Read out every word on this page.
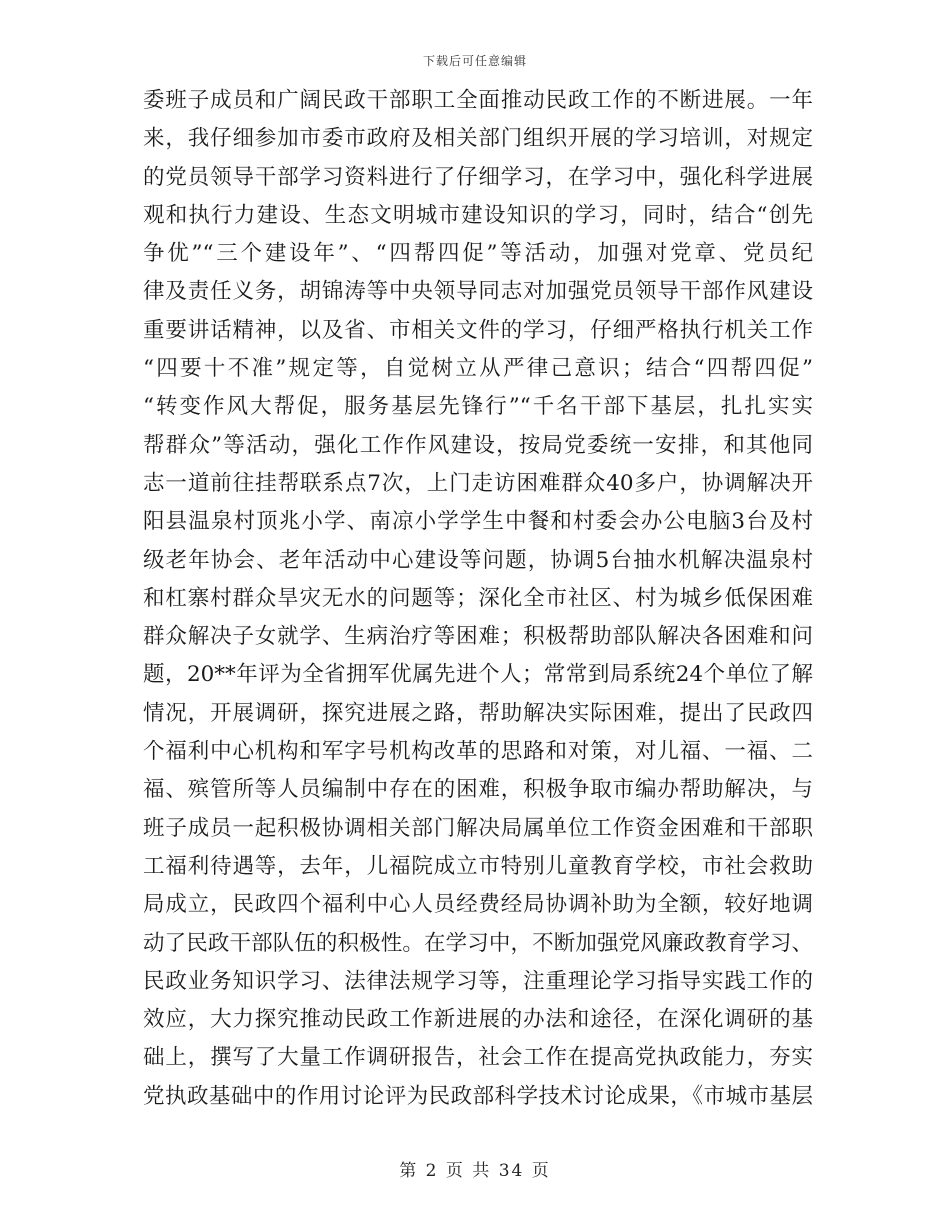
下载后可任意编辑
委班子成员和广阔民政干部职工全面推动民政工作的不断进展。一年
来，我仔细参加市委市政府及相关部门组织开展的学习培训，对规定
的党员领导干部学习资料进行了仔细学习，在学习中，强化科学进展
观和执行力建设、生态文明城市建设知识的学习，同时，结合“创先
争优”“三个建设年”、“四帮四促”等活动，加强对党章、党员纪
律及责任义务，胡锦涛等中央领导同志对加强党员领导干部作风建设
重要讲话精神，以及省、市相关文件的学习，仔细严格执行机关工作
“四要十不准”规定等，自觉树立从严律己意识；结合“四帮四促”
“转变作风大帮促，服务基层先锋行”“千名干部下基层，扎扎实实
帮群众”等活动，强化工作作风建设，按局党委统一安排，和其他同
志一道前往挂帮联系点7次，上门走访困难群众40多户，协调解决开
阳县温泉村顶兆小学、南凉小学学生中餐和村委会办公电脑3台及村
级老年协会、老年活动中心建设等问题，协调5台抽水机解决温泉村
和杠寨村群众旱灾无水的问题等；深化全市社区、村为城乡低保困难
群众解决子女就学、生病治疗等困难；积极帮助部队解决各困难和问
题，20**年评为全省拥军优属先进个人；常常到局系统24个单位了解
情况，开展调研，探究进展之路，帮助解决实际困难，提出了民政四
个福利中心机构和军字号机构改革的思路和对策，对儿福、一福、二
福、殡管所等人员编制中存在的困难，积极争取市编办帮助解决，与
班子成员一起积极协调相关部门解决局属单位工作资金困难和干部职
工福利待遇等，去年，儿福院成立市特别儿童教育学校，市社会救助
局成立，民政四个福利中心人员经费经局协调补助为全额，较好地调
动了民政干部队伍的积极性。在学习中，不断加强党风廉政教育学习、
民政业务知识学习、法律法规学习等，注重理论学习指导实践工作的
效应，大力探究推动民政工作新进展的办法和途径，在深化调研的基
础上，撰写了大量工作调研报告，社会工作在提高党执政能力，夯实
党执政基础中的作用讨论评为民政部科学技术讨论成果，《市城市基层
第 2 页 共 34 页
